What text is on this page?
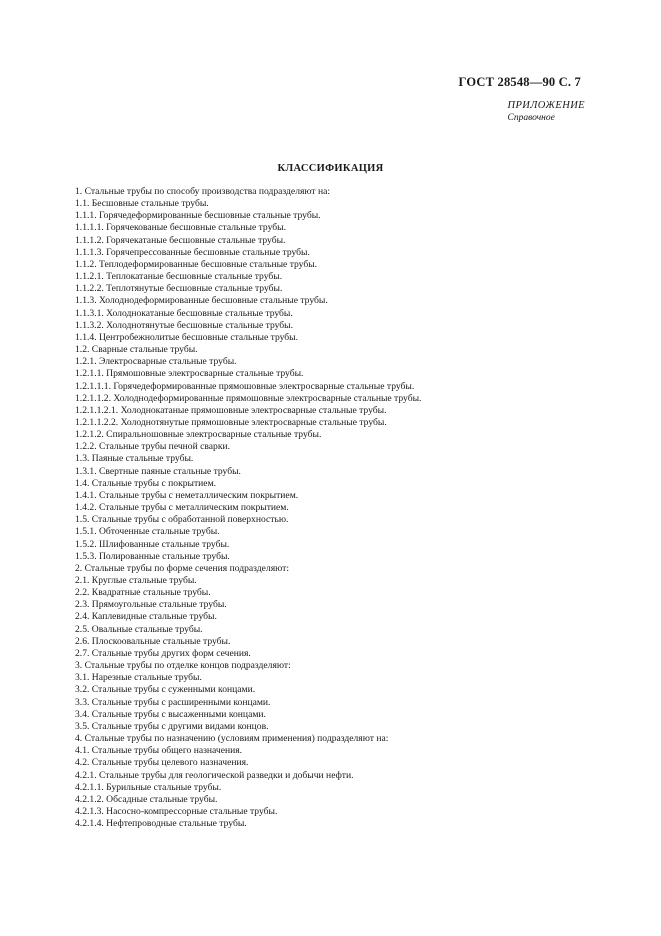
ГОСТ 28548—90 С. 7
ПРИЛОЖЕНИЕ
Справочное
КЛАССИФИКАЦИЯ
1. Стальные трубы по способу производства подразделяют на:
1.1. Бесшовные стальные трубы.
1.1.1. Горячедеформированные бесшовные стальные трубы.
1.1.1.1. Горячекованые бесшовные стальные трубы.
1.1.1.2. Горячекатаные бесшовные стальные трубы.
1.1.1.3. Горячепрессованные бесшовные стальные трубы.
1.1.2. Теплодеформированные бесшовные стальные трубы.
1.1.2.1. Теплокатаные бесшовные стальные трубы.
1.1.2.2. Теплотянутые бесшовные стальные трубы.
1.1.3. Холоднодеформированные бесшовные стальные трубы.
1.1.3.1. Холоднокатаные бесшовные стальные трубы.
1.1.3.2. Холоднотянутые бесшовные стальные трубы.
1.1.4. Центробежнолитые бесшовные стальные трубы.
1.2. Сварные стальные трубы.
1.2.1. Электросварные стальные трубы.
1.2.1.1. Прямошовные электросварные стальные трубы.
1.2.1.1.1. Горячедеформированные прямошовные электросварные стальные трубы.
1.2.1.1.2. Холоднодеформированные прямошовные электросварные стальные трубы.
1.2.1.1.2.1. Холоднокатаные прямошовные электросварные стальные трубы.
1.2.1.1.2.2. Холоднотянутые прямошовные электросварные стальные трубы.
1.2.1.2. Спиральношовные электросварные стальные трубы.
1.2.2. Стальные трубы печной сварки.
1.3. Паяные стальные трубы.
1.3.1. Свертные паяные стальные трубы.
1.4. Стальные трубы с покрытием.
1.4.1. Стальные трубы с неметаллическим покрытием.
1.4.2. Стальные трубы с металлическим покрытием.
1.5. Стальные трубы с обработанной поверхностью.
1.5.1. Обточенные стальные трубы.
1.5.2. Шлифованные стальные трубы.
1.5.3. Полированные стальные трубы.
2. Стальные трубы по форме сечения подразделяют:
2.1. Круглые стальные трубы.
2.2. Квадратные стальные трубы.
2.3. Прямоугольные стальные трубы.
2.4. Каплевидные стальные трубы.
2.5. Овальные стальные трубы.
2.6. Плоскоовальные стальные трубы.
2.7. Стальные трубы других форм сечения.
3. Стальные трубы по отделке концов подразделяют:
3.1. Нарезные стальные трубы.
3.2. Стальные трубы с суженными концами.
3.3. Стальные трубы с расширенными концами.
3.4. Стальные трубы с высаженными концами.
3.5. Стальные трубы с другими видами концов.
4. Стальные трубы по назначению (условиям применения) подразделяют на:
4.1. Стальные трубы общего назначения.
4.2. Стальные трубы целевого назначения.
4.2.1. Стальные трубы для геологической разведки и добычи нефти.
4.2.1.1. Бурильные стальные трубы.
4.2.1.2. Обсадные стальные трубы.
4.2.1.3. Насосно-компрессорные стальные трубы.
4.2.1.4. Нефтепроводные стальные трубы.
